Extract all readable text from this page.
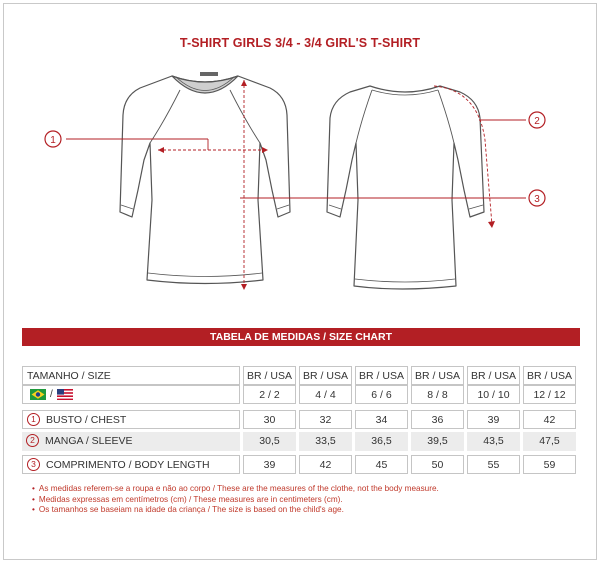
T-SHIRT GIRLS 3/4 - 3/4 GIRL'S T-SHIRT
1
2
3
TABELA DE MEDIDAS / SIZE CHART
TAMANHO / SIZE	BR / USA	BR / USA	BR / USA	BR / USA	BR / USA	BR / USA
/	2 / 2	4 / 4	6 / 6	8 / 8	10 / 10	12 / 12
1 BUSTO / CHEST	30	32	34	36	39	42
2 MANGA / SLEEVE	30,5	33,5	36,5	39,5	43,5	47,5
3 COMPRIMENTO / BODY LENGTH	39	42	45	50	55	59
• As medidas referem-se a roupa e não ao corpo / These are the measures of the clothe, not the body measure.
• Medidas expressas em centímetros (cm) / These measures are in centimeters (cm).
• Os tamanhos se baseiam na idade da criança / The size is based on the child's age.
